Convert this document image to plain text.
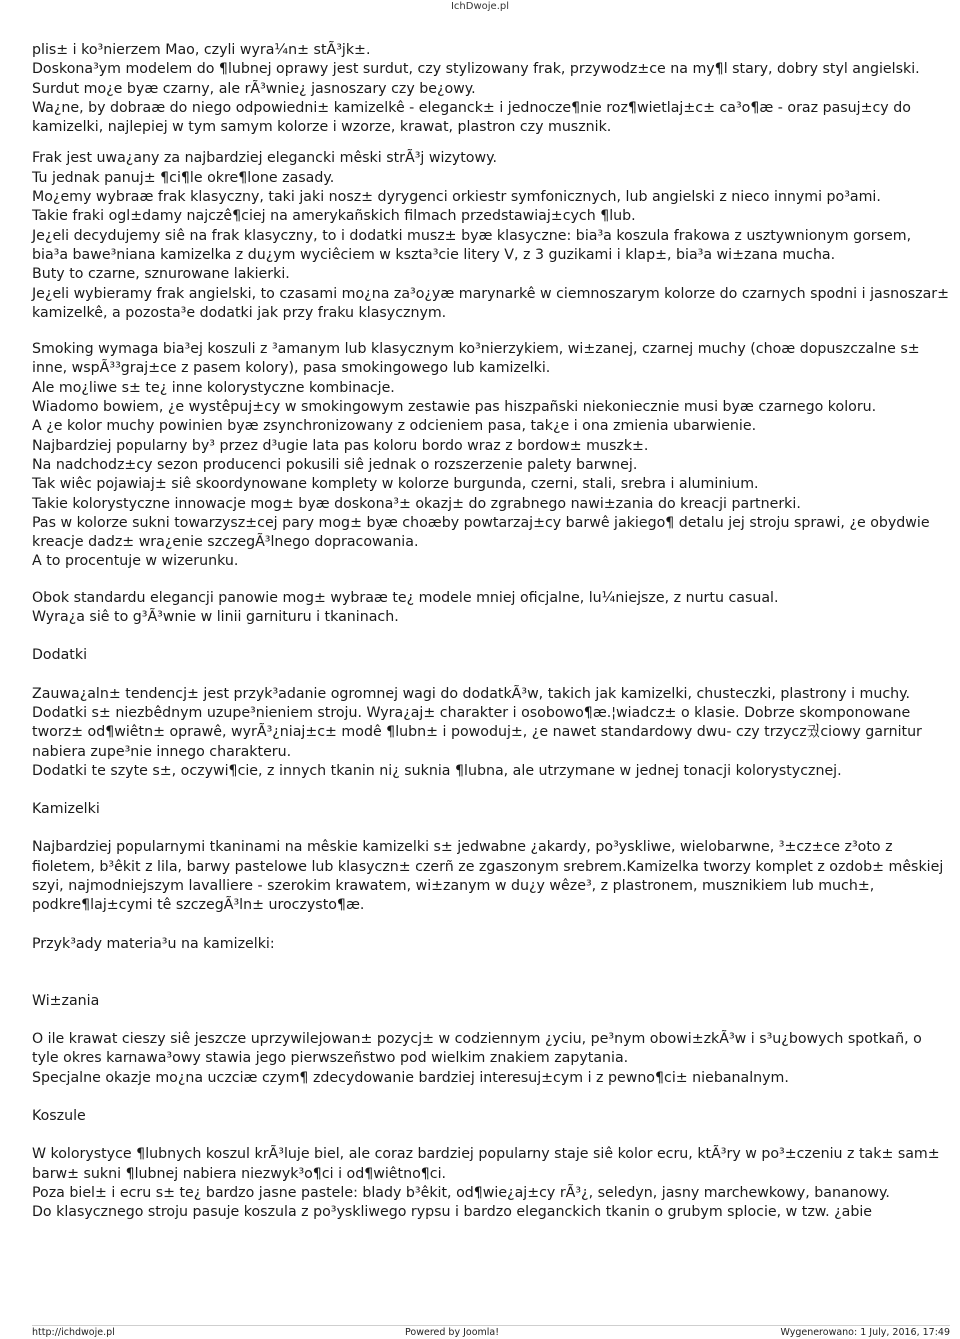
IchDwoje.pl

plis± i ko³nierzem Mao, czyli wyra¼n± stÃ³jk±.

Doskona³ym modelem do ¶lubnej oprawy jest surdut, czy stylizowany frak, przywodz±ce na my¶l stary, dobry styl angielski.

Surdut mo¿e byæ czarny, ale rÃ³wnie¿ jasnoszary czy be¿owy.

Wa¿ne, by dobraæ do niego odpowiedni± kamizelkê - eleganck± i jednocze¶nie roz¶wietlaj±c± ca³o¶æ - oraz pasuj±cy do kamizelki, najlepiej w tym samym kolorze i wzorze, krawat, plastron czy musznik.

Frak jest uwa¿any za najbardziej elegancki mêski strÃ³j wizytowy.

Tu jednak panuj± ¶ci¶le okre¶lone zasady.

Mo¿emy wybraæ frak klasyczny, taki jaki nosz± dyrygenci orkiestr symfonicznych, lub angielski z nieco innymi po³ami.

Takie fraki ogl±damy najczê¶ciej na amerykañskich filmach przedstawiaj±cych ¶lub.

Je¿eli decydujemy siê na frak klasyczny, to i dodatki musz± byæ klasyczne: bia³a koszula frakowa z usztywnionym gorsem, bia³a bawe³niana kamizelka z du¿ym wyciêciem w kszta³cie litery V, z 3 guzikami i klap±, bia³a wi±zana mucha.

Buty to czarne, sznurowane lakierki.

Je¿eli wybieramy frak angielski, to czasami mo¿na za³o¿yæ marynarkê w ciemnoszarym kolorze do czarnych spodni i jasnoszar± kamizelkê, a pozosta³e dodatki jak przy fraku klasycznym.

Smoking wymaga bia³ej koszuli z ³amanym lub klasycznym ko³nierzykiem, wi±zanej, czarnej muchy (choæ dopuszczalne s± inne, wspÃ³³graj±ce z pasem kolory), pasa smokingowego lub kamizelki.

Ale mo¿liwe s± te¿ inne kolorystyczne kombinacje.

Wiadomo bowiem, ¿e wystêpuj±cy w smokingowym zestawie pas hiszpañski niekoniecznie musi byæ czarnego koloru.

A ¿e kolor muchy powinien byæ zsynchronizowany z odcieniem pasa, tak¿e i ona zmienia ubarwienie.

Najbardziej popularny by³ przez d³ugie lata pas koloru bordo wraz z bordow± muszk±.

Na nadchodz±cy sezon producenci pokusili siê jednak o rozszerzenie palety barwnej.

Tak wiêc pojawiaj± siê skoordynowane komplety w kolorze burgunda, czerni, stali, srebra i aluminium.

Takie kolorystyczne innowacje mog± byæ doskona³± okazj± do zgrabnego nawi±zania do kreacji partnerki.

Pas w kolorze sukni towarzysz±cej pary mog± byæ choæby powtarzaj±cy barwê jakiego¶ detalu jej stroju sprawi, ¿e obydwie kreacje dadz± wra¿enie szczegÃ³lnego dopracowania.

A to procentuje w wizerunku.

Obok standardu elegancji panowie mog± wybraæ te¿ modele mniej oficjalne, lu¼niejsze, z nurtu casual.

Wyra¿a siê to g³Ã³wnie w linii garnituru i tkaninach.

Dodatki

Zauwa¿aln± tendencj± jest przyk³adanie ogromnej wagi do dodatkÃ³w, takich jak kamizelki, chusteczki, plastrony i muchy. Dodatki s± niezbêdnym uzupe³nieniem stroju. Wyra¿aj± charakter i osobowo¶æ.¦wiadcz± o klasie. Dobrze skomponowane tworz± od¶wiêtn± oprawê, wyrÃ³¿niaj±c± modê ¶lubn± i powoduj±, ¿e nawet standardowy dwu- czy trzycz궜ciowy garnitur nabiera zupe³nie innego charakteru.

Dodatki te szyte s±, oczywi¶cie, z innych tkanin ni¿ suknia ¶lubna, ale utrzymane w jednej tonacji kolorystycznej.

Kamizelki

Najbardziej popularnymi tkaninami na mêskie kamizelki s± jedwabne ¿akardy, po³yskliwe, wielobarwne, ³±cz±ce z³oto z fioletem, b³êkit z lila, barwy pastelowe lub klasyczn± czerñ ze zgaszonym srebrem.Kamizelka tworzy komplet z ozdob± mêskiej szyi, najmodniejszym lavalliere - szerokim krawatem, wi±zanym w du¿y wêze³, z plastronem, musznikiem lub much±, podkre¶laj±cymi tê szczegÃ³ln± uroczysto¶æ.

Przyk³ady materia³u na kamizelki:

Wi±zania

O ile krawat cieszy siê jeszcze uprzywilejowan± pozycj± w codziennym ¿yciu, pe³nym obowi±zkÃ³w i s³u¿bowych spotkañ, o tyle okres karnawa³owy stawia jego pierwszeñstwo pod wielkim znakiem zapytania.

Specjalne okazje mo¿na uczciæ czym¶ zdecydowanie bardziej interesuj±cym i z pewno¶ci± niebanalnym.

Koszule

W kolorystyce ¶lubnych koszul krÃ³luje biel, ale coraz bardziej popularny staje siê kolor ecru, ktÃ³ry w po³±czeniu z tak± sam± barw± sukni ¶lubnej nabiera niezwyk³o¶ci i od¶wiêtno¶ci.

Poza biel± i ecru s± te¿ bardzo jasne pastele: blady b³êkit, od¶wie¿aj±cy rÃ³¿, seledyn, jasny marchewkowy, bananowy.

Do klasycznego stroju pasuje koszula z po³yskliwego rypsu i bardzo eleganckich tkanin o grubym splocie, w tzw. ¿abie

http://ichdwoje.pl	Powered by Joomla!	Wygenerowano: 1 July, 2016, 17:49
